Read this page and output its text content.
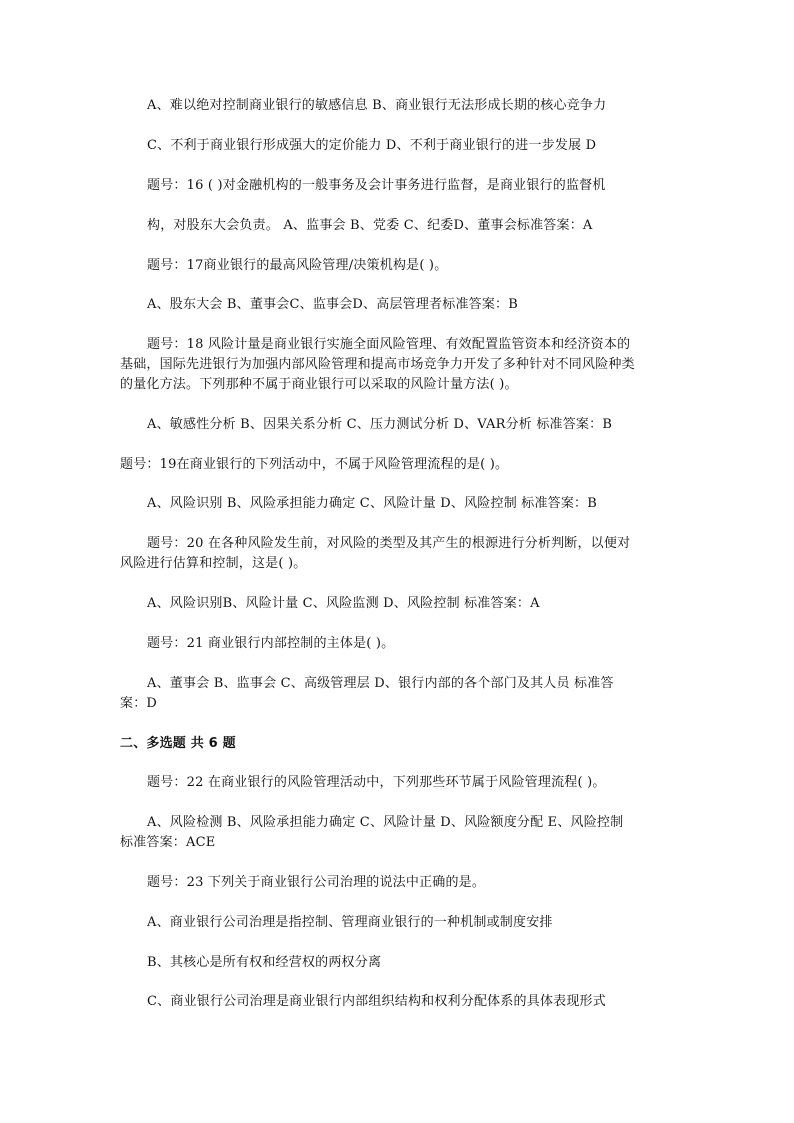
A、难以绝对控制商业银行的敏感信息 B、商业银行无法形成长期的核心竞争力

C、不利于商业银行形成强大的定价能力 D、不利于商业银行的进一步发展 D

题号：16 ( )对金融机构的一般事务及会计事务进行监督，是商业银行的监督机

构，对股东大会负责。 A、监事会 B、党委 C、纪委D、董事会标准答案：A

题号：17商业银行的最高风险管理/决策机构是( )。

A、股东大会 B、董事会C、监事会D、高层管理者标准答案：B

题号：18 风险计量是商业银行实施全面风险管理、有效配置监管资本和经济资本的

基础，国际先进银行为加强内部风险管理和提高市场竞争力开发了多种针对不同风险种类

的量化方法。下列那种不属于商业银行可以采取的风险计量方法( )。

A、敏感性分析 B、因果关系分析 C、压力测试分析 D、VAR分析 标准答案：B

题号：19在商业银行的下列活动中，不属于风险管理流程的是( )。

A、风险识别 B、风险承担能力确定 C、风险计量 D、风险控制 标准答案：B

题号：20 在各种风险发生前，对风险的类型及其产生的根源进行分析判断，以便对

风险进行估算和控制，这是( )。

A、风险识别B、风险计量 C、风险监测 D、风险控制 标准答案：A

题号：21 商业银行内部控制的主体是( )。

A、董事会 B、监事会 C、高级管理层 D、银行内部的各个部门及其人员 标准答

案：D

二、多选题 共 6 题

题号：22 在商业银行的风险管理活动中，下列那些环节属于风险管理流程( )。

A、风险检测 B、风险承担能力确定 C、风险计量 D、风险额度分配 E、风险控制

标准答案：ACE

题号：23 下列关于商业银行公司治理的说法中正确的是。

A、商业银行公司治理是指控制、管理商业银行的一种机制或制度安排

B、其核心是所有权和经营权的两权分离

C、商业银行公司治理是商业银行内部组织结构和权利分配体系的具体表现形式
